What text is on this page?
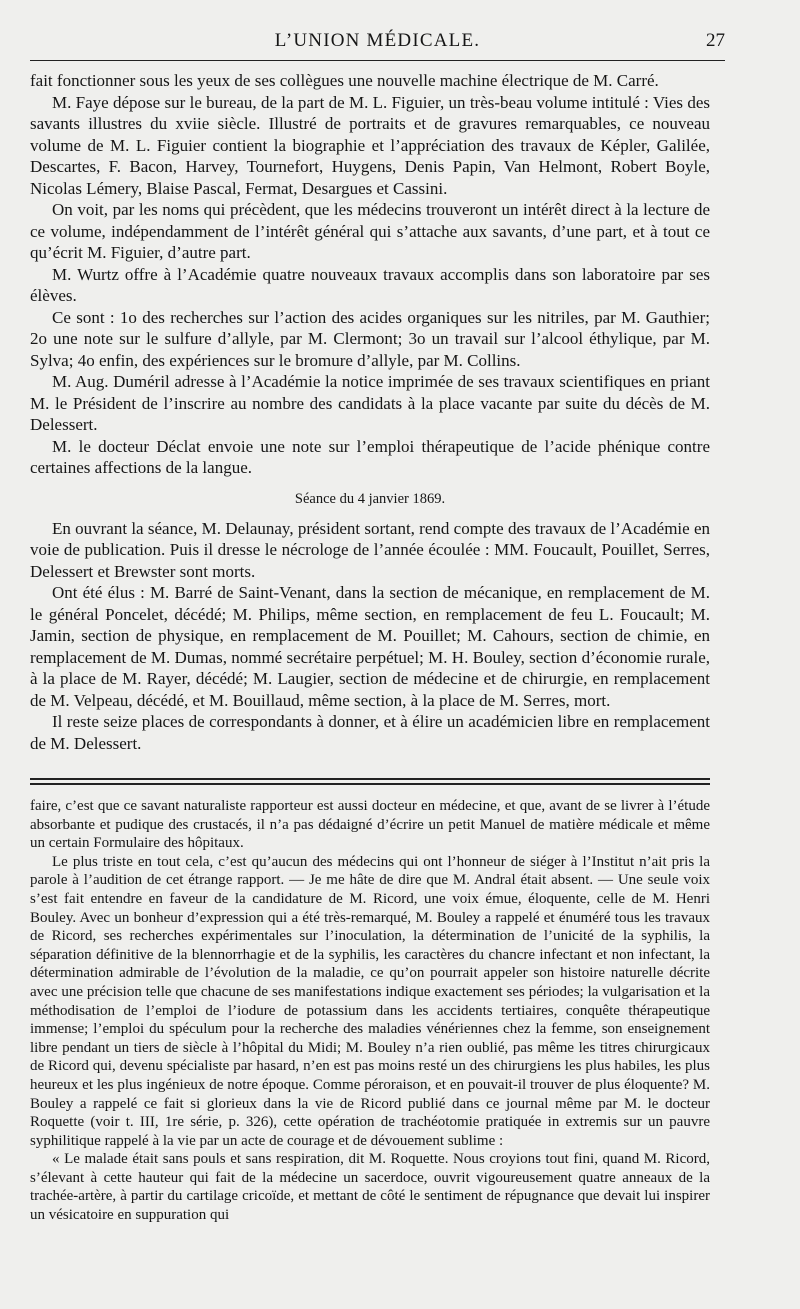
L’UNION MÉDICALE.	27

fait fonctionner sous les yeux de ses collègues une nouvelle machine électrique de M. Carré.

M. Faye dépose sur le bureau, de la part de M. L. Figuier, un très-beau volume intitulé : Vies des savants illustres du xviie siècle. Illustré de portraits et de gravures remarquables, ce nouveau volume de M. L. Figuier contient la biographie et l’appréciation des travaux de Képler, Galilée, Descartes, F. Bacon, Harvey, Tournefort, Huygens, Denis Papin, Van Helmont, Robert Boyle, Nicolas Lémery, Blaise Pascal, Fermat, Desargues et Cassini.

On voit, par les noms qui précèdent, que les médecins trouveront un intérêt direct à la lecture de ce volume, indépendamment de l’intérêt général qui s’attache aux savants, d’une part, et à tout ce qu’écrit M. Figuier, d’autre part.

M. Wurtz offre à l’Académie quatre nouveaux travaux accomplis dans son laboratoire par ses élèves.

Ce sont : 1o des recherches sur l’action des acides organiques sur les nitriles, par M. Gauthier; 2o une note sur le sulfure d’allyle, par M. Clermont; 3o un travail sur l’alcool éthylique, par M. Sylva; 4o enfin, des expériences sur le bromure d’allyle, par M. Collins.

M. Aug. Duméril adresse à l’Académie la notice imprimée de ses travaux scientifiques en priant M. le Président de l’inscrire au nombre des candidats à la place vacante par suite du décès de M. Delessert.

M. le docteur Déclat envoie une note sur l’emploi thérapeutique de l’acide phénique contre certaines affections de la langue.

Séance du 4 janvier 1869.

En ouvrant la séance, M. Delaunay, président sortant, rend compte des travaux de l’Académie en voie de publication. Puis il dresse le nécrologe de l’année écoulée : MM. Foucault, Pouillet, Serres, Delessert et Brewster sont morts.

Ont été élus : M. Barré de Saint-Venant, dans la section de mécanique, en remplacement de M. le général Poncelet, décédé; M. Philips, même section, en remplacement de feu L. Foucault; M. Jamin, section de physique, en remplacement de M. Pouillet; M. Cahours, section de chimie, en remplacement de M. Dumas, nommé secrétaire perpétuel; M. H. Bouley, section d’économie rurale, à la place de M. Rayer, décédé; M. Laugier, section de médecine et de chirurgie, en remplacement de M. Velpeau, décédé, et M. Bouillaud, même section, à la place de M. Serres, mort.

Il reste seize places de correspondants à donner, et à élire un académicien libre en remplacement de M. Delessert.

faire, c’est que ce savant naturaliste rapporteur est aussi docteur en médecine, et que, avant de se livrer à l’étude absorbante et pudique des crustacés, il n’a pas dédaigné d’écrire un petit Manuel de matière médicale et même un certain Formulaire des hôpitaux.

Le plus triste en tout cela, c’est qu’aucun des médecins qui ont l’honneur de siéger à l’Institut n’ait pris la parole à l’audition de cet étrange rapport. — Je me hâte de dire que M. Andral était absent. — Une seule voix s’est fait entendre en faveur de la candidature de M. Ricord, une voix émue, éloquente, celle de M. Henri Bouley. Avec un bonheur d’expression qui a été très-remarqué, M. Bouley a rappelé et énuméré tous les travaux de Ricord, ses recherches expérimentales sur l’inoculation, la détermination de l’unicité de la syphilis, la séparation définitive de la blennorrhagie et de la syphilis, les caractères du chancre infectant et non infectant, la détermination admirable de l’évolution de la maladie, ce qu’on pourrait appeler son histoire naturelle décrite avec une précision telle que chacune de ses manifestations indique exactement ses périodes; la vulgarisation et la méthodisation de l’emploi de l’iodure de potassium dans les accidents tertiaires, conquête thérapeutique immense; l’emploi du spéculum pour la recherche des maladies vénériennes chez la femme, son enseignement libre pendant un tiers de siècle à l’hôpital du Midi; M. Bouley n’a rien oublié, pas même les titres chirurgicaux de Ricord qui, devenu spécialiste par hasard, n’en est pas moins resté un des chirurgiens les plus habiles, les plus heureux et les plus ingénieux de notre époque. Comme péroraison, et en pouvait-il trouver de plus éloquente? M. Bouley a rappelé ce fait si glorieux dans la vie de Ricord publié dans ce journal même par M. le docteur Roquette (voir t. III, 1re série, p. 326), cette opération de trachéotomie pratiquée in extremis sur un pauvre syphilitique rappelé à la vie par un acte de courage et de dévouement sublime :

« Le malade était sans pouls et sans respiration, dit M. Roquette. Nous croyions tout fini, quand M. Ricord, s’élevant à cette hauteur qui fait de la médecine un sacerdoce, ouvrit vigoureusement quatre anneaux de la trachée-artère, à partir du cartilage cricoïde, et mettant de côté le sentiment de répugnance que devait lui inspirer un vésicatoire en suppuration qui
